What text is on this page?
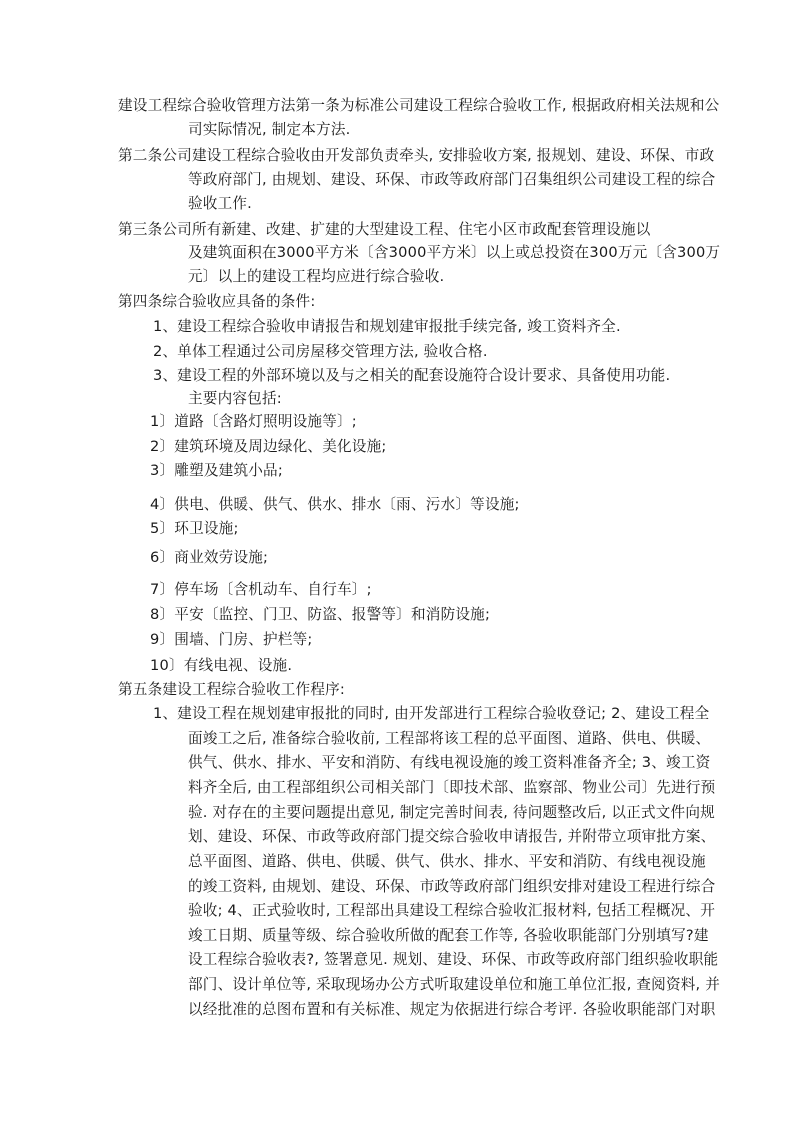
建设工程综合验收管理方法第一条为标准公司建设工程综合验收工作, 根据政府相关法规和公
司实际情况, 制定本方法.
第二条公司建设工程综合验收由开发部负责牵头, 安排验收方案, 报规划、建设、环保、市政
等政府部门, 由规划、建设、环保、市政等政府部门召集组织公司建设工程的综合
验收工作.
第三条公司所有新建、改建、扩建的大型建设工程、住宅小区市政配套管理设施以
及建筑面积在3000平方米〔含3000平方米〕以上或总投资在300万元〔含300万
元〕以上的建设工程均应进行综合验收.
第四条综合验收应具备的条件:
1、建设工程综合验收申请报告和规划建审报批手续完备, 竣工资料齐全.
2、单体工程通过公司房屋移交管理方法, 验收合格.
3、建设工程的外部环境以及与之相关的配套设施符合设计要求、具备使用功能.
主要内容包括:
1〕道路〔含路灯照明设施等〕;
2〕建筑环境及周边绿化、美化设施;
3〕雕塑及建筑小品;
4〕供电、供暖、供气、供水、排水〔雨、污水〕等设施;
5〕环卫设施;
6〕商业效劳设施;
7〕停车场〔含机动车、自行车〕;
8〕平安〔监控、门卫、防盗、报警等〕和消防设施;
9〕围墙、门房、护栏等;
10〕有线电视、设施.
第五条建设工程综合验收工作程序:
1、建设工程在规划建审报批的同时, 由开发部进行工程综合验收登记; 2、建设工程全
面竣工之后, 准备综合验收前, 工程部将该工程的总平面图、道路、供电、供暖、
供气、供水、排水、平安和消防、有线电视设施的竣工资料准备齐全; 3、竣工资
料齐全后, 由工程部组织公司相关部门〔即技术部、监察部、物业公司〕先进行预
验. 对存在的主要问题提出意见, 制定完善时间表, 待问题整改后, 以正式文件向规
划、建设、环保、市政等政府部门提交综合验收申请报告, 并附带立项审批方案、
总平面图、道路、供电、供暖、供气、供水、排水、平安和消防、有线电视设施
的竣工资料, 由规划、建设、环保、市政等政府部门组织安排对建设工程进行综合
验收; 4、正式验收时, 工程部出具建设工程综合验收汇报材料, 包括工程概况、开
竣工日期、质量等级、综合验收所做的配套工作等, 各验收职能部门分别填写?建
设工程综合验收表?, 签署意见. 规划、建设、环保、市政等政府部门组织验收职能
部门、设计单位等, 采取现场办公方式听取建设单位和施工单位汇报, 查阅资料, 并
以经批准的总图布置和有关标准、规定为依据进行综合考评. 各验收职能部门对职
